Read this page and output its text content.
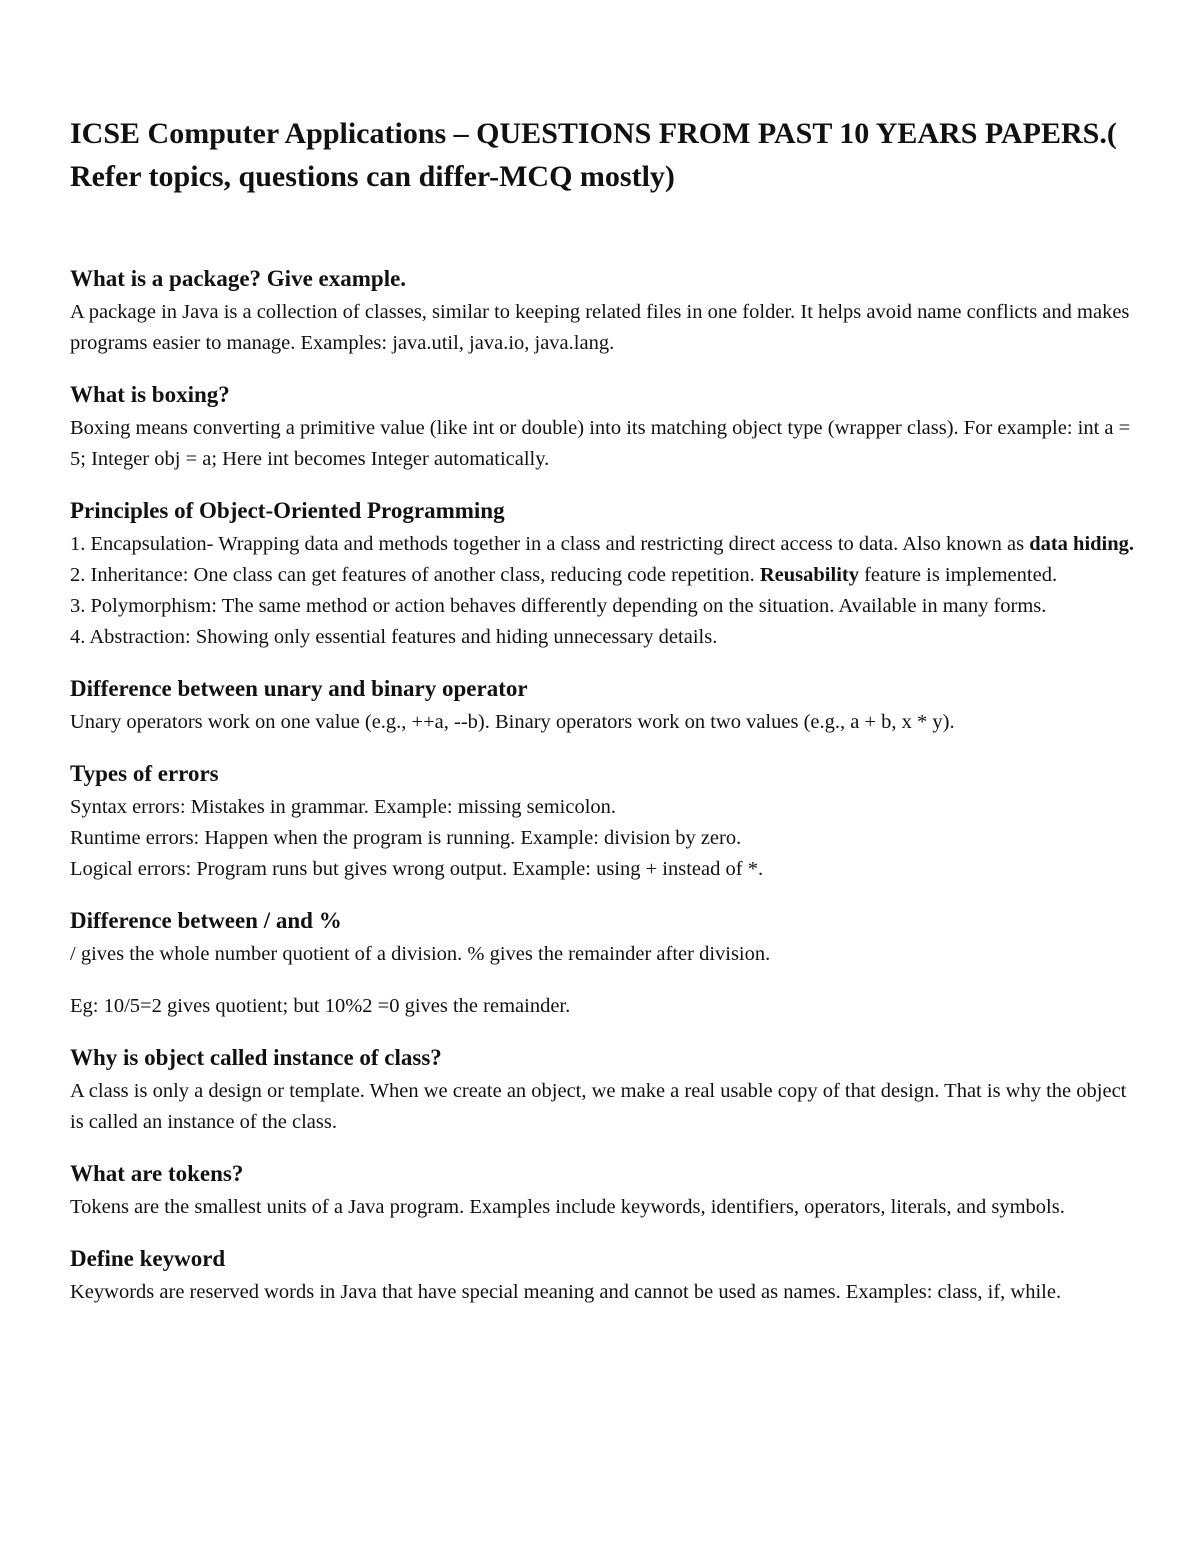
ICSE Computer Applications – QUESTIONS FROM PAST 10 YEARS PAPERS.( Refer topics, questions can differ-MCQ mostly)
What is a package? Give example.

A package in Java is a collection of classes, similar to keeping related files in one folder. It helps avoid name conflicts and makes programs easier to manage. Examples: java.util, java.io, java.lang.

What is boxing?

Boxing means converting a primitive value (like int or double) into its matching object type (wrapper class). For example: int a = 5; Integer obj = a; Here int becomes Integer automatically.

Principles of Object-Oriented Programming

1. Encapsulation- Wrapping data and methods together in a class and restricting direct access to data. Also known as data hiding.

2. Inheritance: One class can get features of another class, reducing code repetition. Reusability feature is implemented.

3. Polymorphism: The same method or action behaves differently depending on the situation. Available in many forms.

4. Abstraction: Showing only essential features and hiding unnecessary details.

Difference between unary and binary operator

Unary operators work on one value (e.g., ++a, --b). Binary operators work on two values (e.g., a + b, x * y).

Types of errors

Syntax errors: Mistakes in grammar. Example: missing semicolon.

Runtime errors: Happen when the program is running. Example: division by zero.

Logical errors: Program runs but gives wrong output. Example: using + instead of *.

Difference between / and %

/ gives the whole number quotient of a division. % gives the remainder after division.

Eg: 10/5=2 gives quotient; but 10%2 =0 gives the remainder.

Why is object called instance of class?

A class is only a design or template. When we create an object, we make a real usable copy of that design. That is why the object is called an instance of the class.

What are tokens?

Tokens are the smallest units of a Java program. Examples include keywords, identifiers, operators, literals, and symbols.

Define keyword

Keywords are reserved words in Java that have special meaning and cannot be used as names. Examples: class, if, while.
